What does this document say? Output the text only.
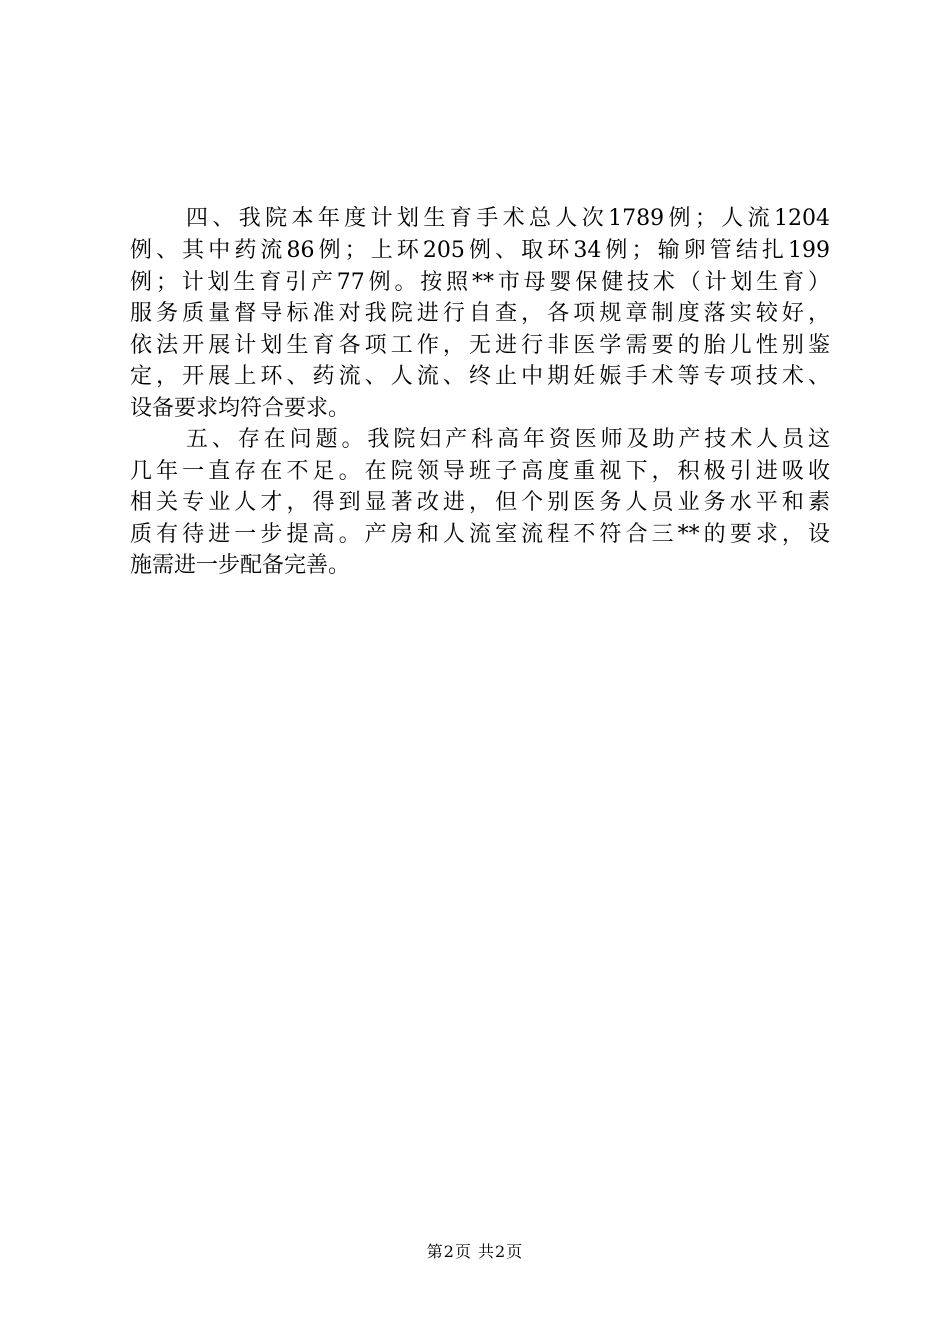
四、我院本年度计划生育手术总人次1789例；人流1204
例、其中药流86例；上环205例、取环34例；输卵管结扎199
例；计划生育引产77例。按照**市母婴保健技术（计划生育）
服务质量督导标准对我院进行自查，各项规章制度落实较好，
依法开展计划生育各项工作，无进行非医学需要的胎儿性别鉴
定，开展上环、药流、人流、终止中期妊娠手术等专项技术、
设备要求均符合要求。
五、存在问题。我院妇产科高年资医师及助产技术人员这
几年一直存在不足。在院领导班子高度重视下，积极引进吸收
相关专业人才，得到显著改进，但个别医务人员业务水平和素
质有待进一步提高。产房和人流室流程不符合三**的要求，设
施需进一步配备完善。
第2页 共2页
